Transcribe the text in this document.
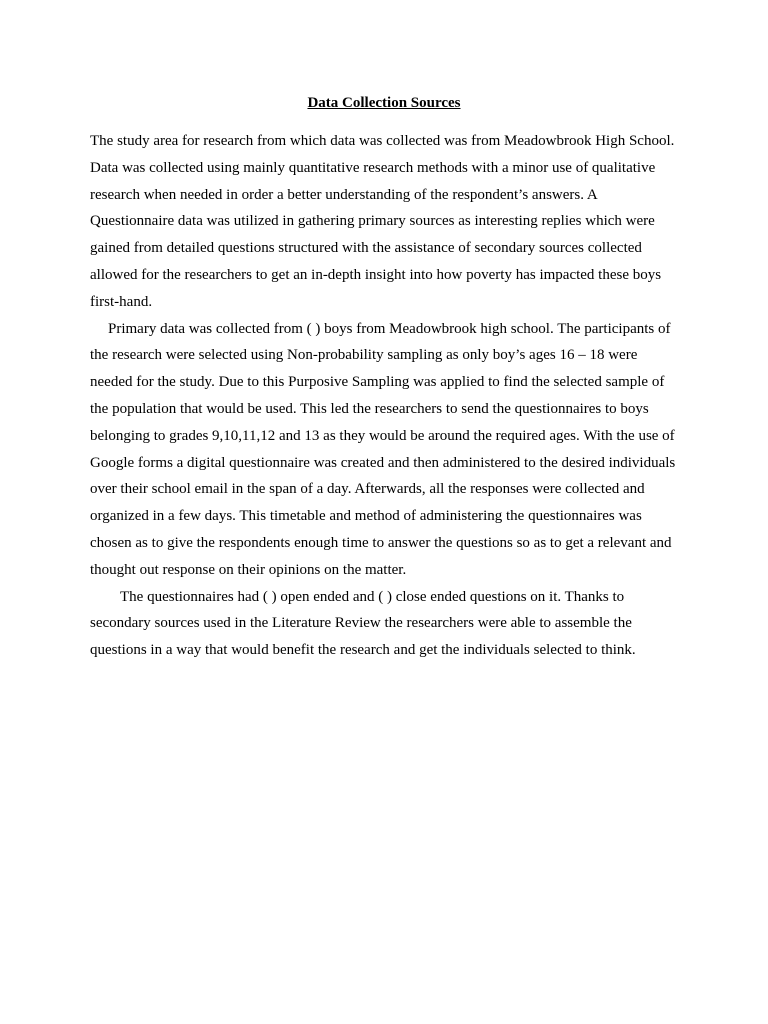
Data Collection Sources

The study area for research from which data was collected was from Meadowbrook High School. Data was collected using mainly quantitative research methods with a minor use of qualitative research when needed in order a better understanding of the respondent’s answers. A Questionnaire data was utilized in gathering primary sources as interesting replies which were gained from detailed questions structured with the assistance of secondary sources collected allowed for the researchers to get an in-depth insight into how poverty has impacted these boys first-hand.

Primary data was collected from ( ) boys from Meadowbrook high school. The participants of the research were selected using Non-probability sampling as only boy’s ages 16 – 18 were needed for the study. Due to this Purposive Sampling was applied to find the selected sample of the population that would be used. This led the researchers to send the questionnaires to boys belonging to grades 9,10,11,12 and 13 as they would be around the required ages. With the use of Google forms a digital questionnaire was created and then administered to the desired individuals over their school email in the span of a day. Afterwards, all the responses were collected and organized in a few days. This timetable and method of administering the questionnaires was chosen as to give the respondents enough time to answer the questions so as to get a relevant and thought out response on their opinions on the matter.

The questionnaires had ( ) open ended and ( ) close ended questions on it. Thanks to secondary sources used in the Literature Review the researchers were able to assemble the questions in a way that would benefit the research and get the individuals selected to think.
